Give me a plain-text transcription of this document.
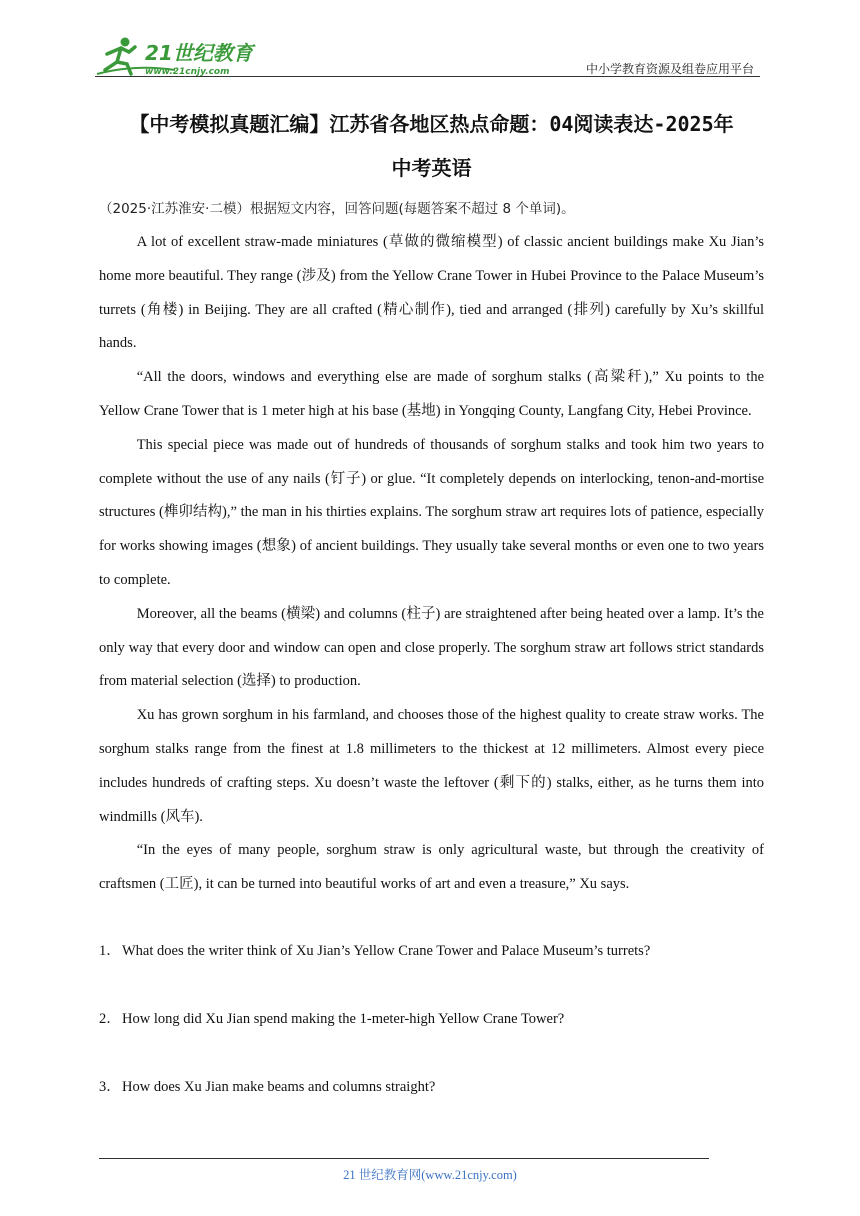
21世纪教育
www.21cnjy.com	中小学教育资源及组卷应用平台
【中考模拟真题汇编】江苏省各地区热点命题：04阅读表达-2025年
中考英语
（2025·江苏淮安·二模）根据短文内容，回答问题(每题答案不超过 8 个单词)。

A lot of excellent straw-made miniatures (草做的微缩模型) of classic ancient buildings make Xu Jian’s home more beautiful. They range (涉及) from the Yellow Crane Tower in Hubei Province to the Palace Museum’s turrets (角楼) in Beijing. They are all crafted (精心制作), tied and arranged (排列) carefully by Xu’s skillful hands.

“All the doors, windows and everything else are made of sorghum stalks (高粱秆),” Xu points to the Yellow Crane Tower that is 1 meter high at his base (基地) in Yongqing County, Langfang City, Hebei Province.

This special piece was made out of hundreds of thousands of sorghum stalks and took him two years to complete without the use of any nails (钉子) or glue. “It completely depends on interlocking, tenon-and-mortise structures (榫卯结构),” the man in his thirties explains. The sorghum straw art requires lots of patience, especially for works showing images (想象) of ancient buildings. They usually take several months or even one to two years to complete.

Moreover, all the beams (横梁) and columns (柱子) are straightened after being heated over a lamp. It’s the only way that every door and window can open and close properly. The sorghum straw art follows strict standards from material selection (选择) to production.

Xu has grown sorghum in his farmland, and chooses those of the highest quality to create straw works. The sorghum stalks range from the finest at 1.8 millimeters to the thickest at 12 millimeters. Almost every piece includes hundreds of crafting steps. Xu doesn’t waste the leftover (剩下的) stalks, either, as he turns them into windmills (风车).

“In the eyes of many people, sorghum straw is only agricultural waste, but through the creativity of craftsmen (工匠), it can be turned into beautiful works of art and even a treasure,” Xu says.

1．What does the writer think of Xu Jian’s Yellow Crane Tower and Palace Museum’s turrets?
2．How long did Xu Jian spend making the 1-meter-high Yellow Crane Tower?
3．How does Xu Jian make beams and columns straight?
21 世纪教育网(www.21cnjy.com)
